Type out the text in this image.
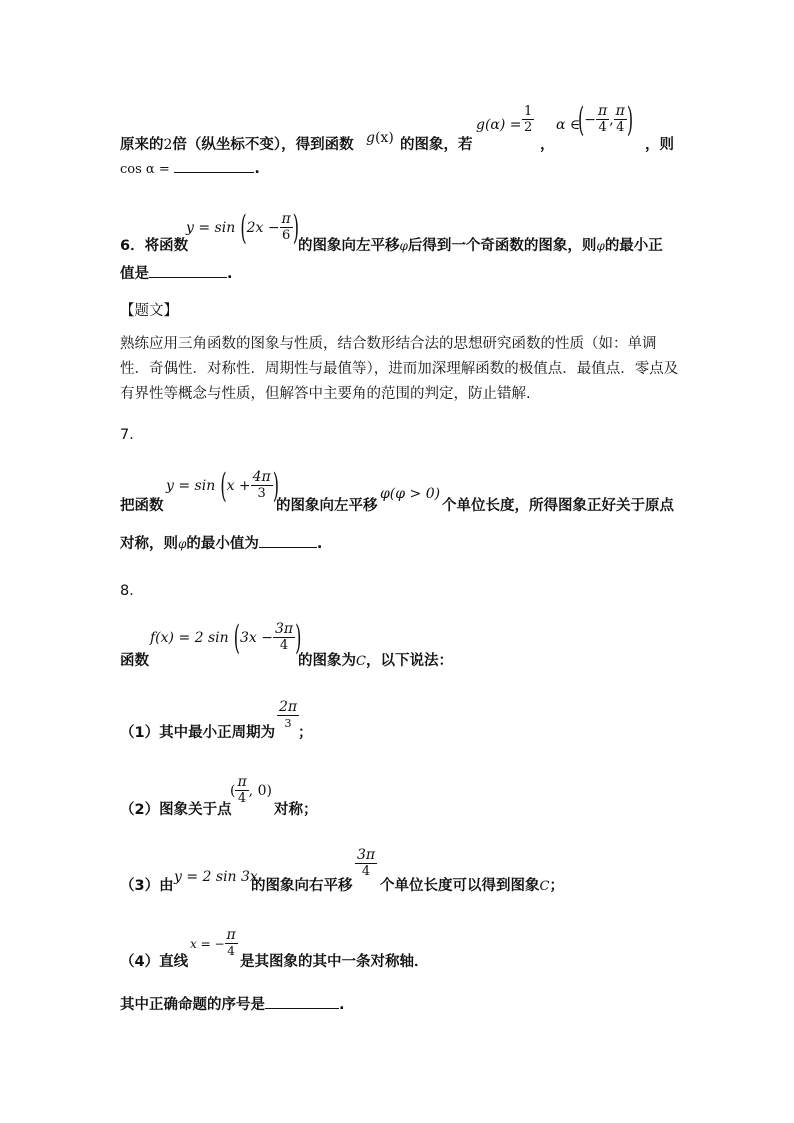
原来的2倍（纵坐标不变），得到函数 g(x) 的图象，若
$g(\alpha) = \frac{1}{2}$
，
α ∈
(− $\frac{\pi}{4}$ , $\frac{\pi}{4}$ )
，则
cos α =	.
6．将函数
$y = \sin (2x - \frac{\pi}{6}$ ) 的图象向左平移φ后得到一个奇函数的图象，则φ的最小正
值是	.
【题文】
熟练应用三角函数的图象与性质，结合数形结合法的思想研究函数的性质（如：单调性．奇偶性．对称性．周期性与最值等），进而加深理解函数的极值点．最值点．零点及有界性等概念与性质，但解答中主要角的范围的判定，防止错解.
7．
把函数
$y = \sin (x + \frac{4\pi}{3}$ )
的图象向左平移
φ(φ > 0)
个单位长度，所得图象正好关于原点
对称，则φ的最小值为	.
8．
函数
f(x) = 2 $\sin (3x - \frac{3\pi}{4}$ )
的图象为C，以下说法：
（1）其中最小正周期为
2π
3
；
（2）图象关于点
( $\frac{\pi}{4}$ , 0)
对称；
（3）由
y = 2 sin 3x
的图象向右平移
$\frac{3\pi}{4}$
个单位长度可以得到图象C；
（4）直线
x = − $\frac{\pi}{4}$
是其图象的其中一条对称轴．
其中正确命题的序号是	.
